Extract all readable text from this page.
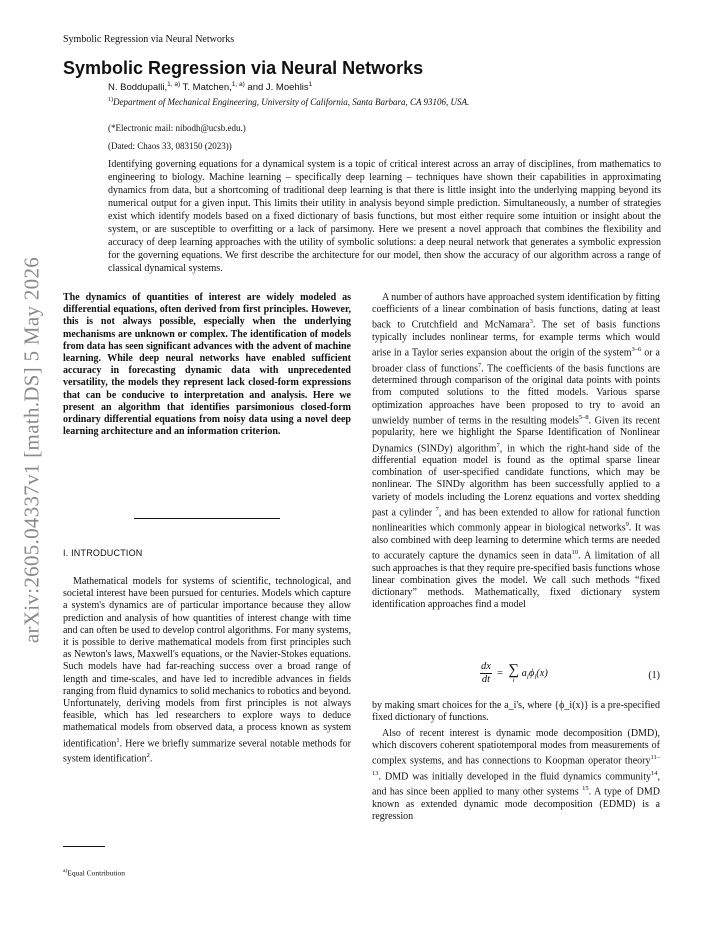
arXiv:2605.04337v1 [math.DS] 5 May 2026
Symbolic Regression via Neural Networks
Symbolic Regression via Neural Networks
N. Boddupalli,$^{1, a)}$ T. Matchen,$^{1, a)}$ and J. Moehlis$^1$
$^{1)}$Department of Mechanical Engineering, University of California, Santa Barbara, CA 93106, USA.
(*Electronic mail: nibodh@ucsb.edu.)
(Dated: Chaos 33, 083150 (2023))
Identifying governing equations for a dynamical system is a topic of critical interest across an array of disciplines, from mathematics to engineering to biology. Machine learning – specifically deep learning – techniques have shown their capabilities in approximating dynamics from data, but a shortcoming of traditional deep learning is that there is little insight into the underlying mapping beyond its numerical output for a given input. This limits their utility in analysis beyond simple prediction. Simultaneously, a number of strategies exist which identify models based on a fixed dictionary of basis functions, but most either require some intuition or insight about the system, or are susceptible to overfitting or a lack of parsimony. Here we present a novel approach that combines the flexibility and accuracy of deep learning approaches with the utility of symbolic solutions: a deep neural network that generates a symbolic expression for the governing equations. We first describe the architecture for our model, then show the accuracy of our algorithm across a range of classical dynamical systems.

The dynamics of quantities of interest are widely modeled as differential equations, often derived from first principles. However, this is not always possible, especially when the underlying mechanisms are unknown or complex. The identification of models from data has seen significant advances with the advent of machine learning. While deep neural networks have enabled sufficient accuracy in forecasting dynamic data with unprecedented versatility, the models they represent lack closed-form expressions that can be conducive to interpretation and analysis. Here we present an algorithm that identifies parsimonious closed-form ordinary differential equations from noisy data using a novel deep learning architecture and an information criterion.

I. INTRODUCTION

Mathematical models for systems of scientific, technological, and societal interest have been pursued for centuries. Models which capture a system's dynamics are of particular importance because they allow prediction and analysis of how quantities of interest change with time and can often be used to develop control algorithms. For many systems, it is possible to derive mathematical models from first principles such as Newton's laws, Maxwell's equations, or the Navier-Stokes equations. Such models have had far-reaching success over a broad range of length and time-scales, and have led to incredible advances in fields ranging from fluid dynamics to solid mechanics to robotics and beyond. Unfortunately, deriving models from first principles is not always feasible, which has led researchers to explore ways to deduce mathematical models from observed data, a process known as system identification$^1$. Here we briefly summarize several notable methods for system identification$^2$.

$^{a)}$Equal Contribution

A number of authors have approached system identification by fitting coefficients of a linear combination of basis functions, dating at least back to Crutchfield and McNamara$^3$. The set of basis functions typically includes nonlinear terms, for example terms which would arise in a Taylor series expansion about the origin of the system$^{3-6}$ or a broader class of functions$^7$. The coefficients of the basis functions are determined through comparison of the original data points with points from computed solutions to the fitted models. Various sparse optimization approaches have been proposed to try to avoid an unwieldy number of terms in the resulting models$^{5-8}$. Given its recent popularity, here we highlight the Sparse Identification of Nonlinear Dynamics (SINDy) algorithm$^7$, in which the right-hand side of the differential equation model is found as the optimal sparse linear combination of user-specified candidate functions, which may be nonlinear. The SINDy algorithm has been successfully applied to a variety of models including the Lorenz equations and vortex shedding past a cylinder $^7$, and has been extended to allow for rational function nonlinearities which commonly appear in biological networks$^9$. It was also combined with deep learning to determine which terms are needed to accurately capture the dynamics seen in data$^{10}$. A limitation of all such approaches is that they require pre-specified basis functions whose linear combination gives the model. We call such methods “fixed dictionary” methods. Mathematically, fixed dictionary system identification approaches find a model

$\frac{dx}{dt}$ =  ∑
i
$a_i\phi_i(x)$	(1)

by making smart choices for the a_i's, where {ϕ_i(x)} is a pre-specified fixed dictionary of functions.

Also of recent interest is dynamic mode decomposition (DMD), which discovers coherent spatiotemporal modes from measurements of complex systems, and has connections to Koopman operator theory$^{11-13}$. DMD was initially developed in the fluid dynamics community$^{14}$, and has since been applied to many other systems $^{15}$. A type of DMD known as extended dynamic mode decomposition (EDMD) is a regression
